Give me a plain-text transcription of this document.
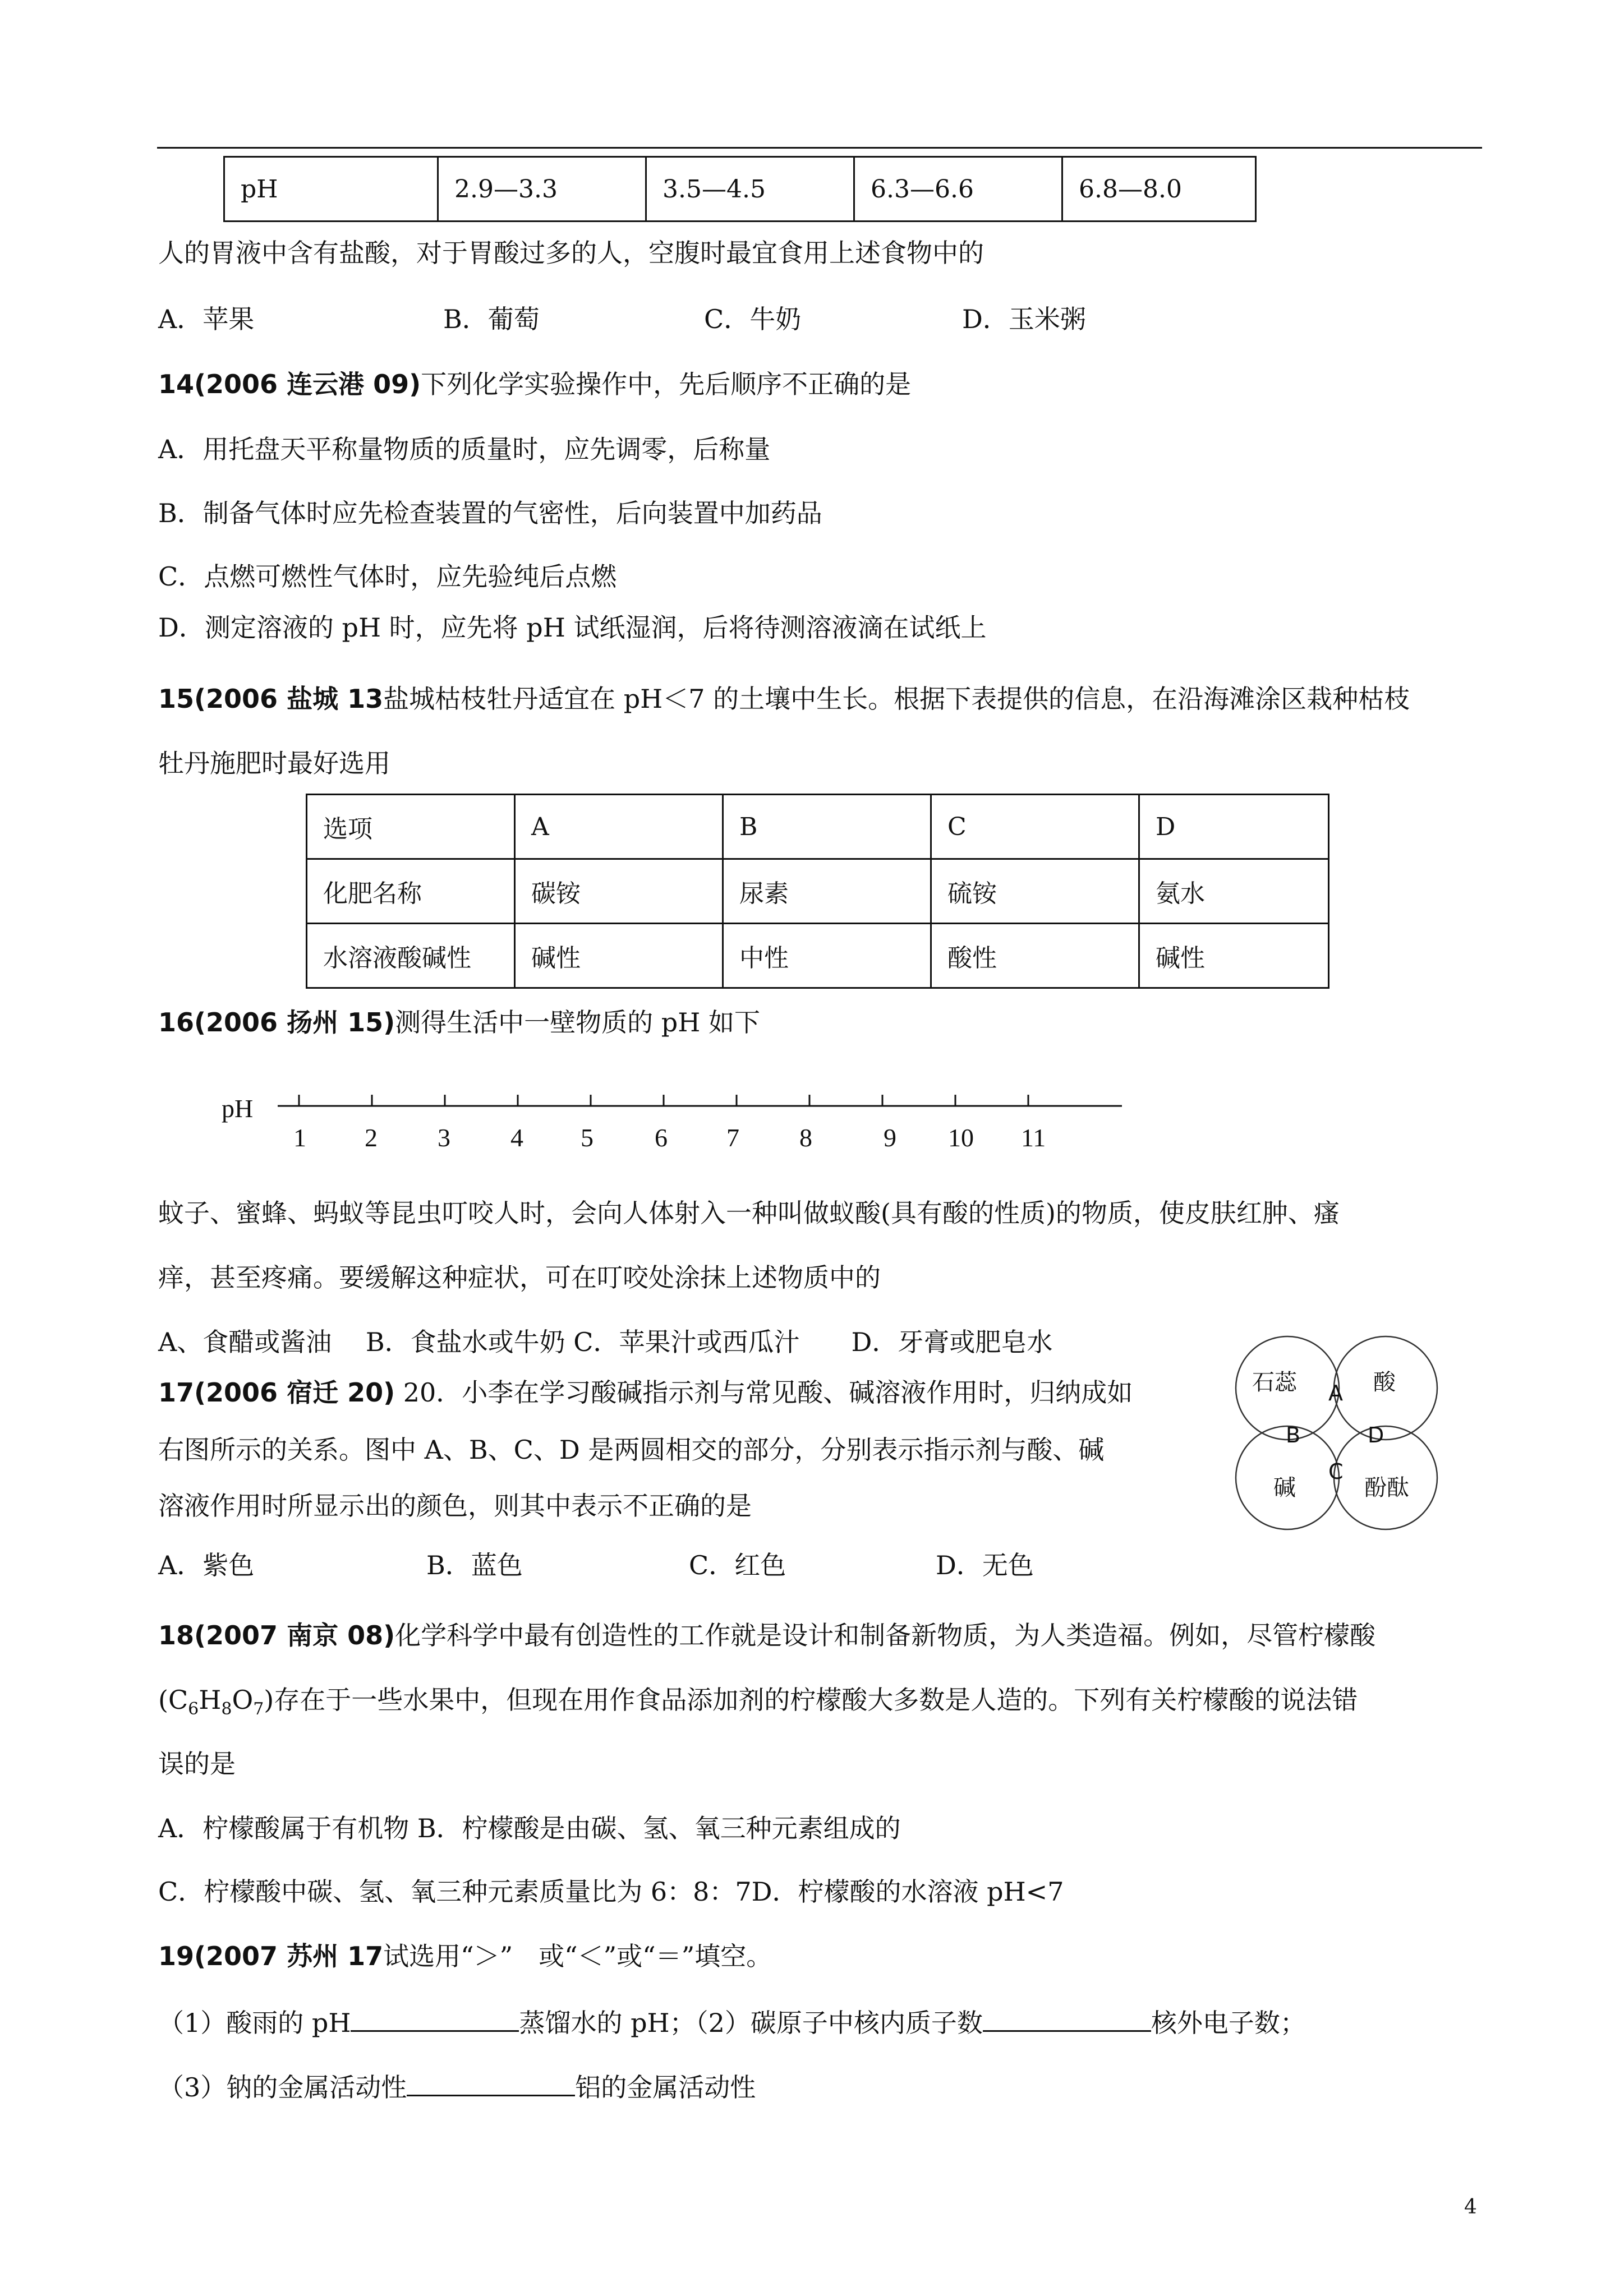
pH	2.9—3.3	3.5—4.5	6.3—6.6	6.8—8.0
人的胃液中含有盐酸，对于胃酸过多的人，空腹时最宜食用上述食物中的
A．苹果	B．葡萄	C．牛奶	D．玉米粥
14(2006 连云港 09)下列化学实验操作中，先后顺序不正确的是
A．用托盘天平称量物质的质量时，应先调零，后称量
B．制备气体时应先检查装置的气密性，后向装置中加药品
C．点燃可燃性气体时，应先验纯后点燃
D．测定溶液的 pH 时，应先将 pH 试纸湿润，后将待测溶液滴在试纸上
15(2006 盐城 13盐城枯枝牡丹适宜在 pH＜7 的土壤中生长。根据下表提供的信息，在沿海滩涂区栽种枯枝
牡丹施肥时最好选用
选项	A	B	C	D
化肥名称	碳铵	尿素	硫铵	氨水
水溶液酸碱性	碱性	中性	酸性	碱性
16(2006 扬州 15)测得生活中一壁物质的 pH 如下
pH
1 2 3 4 5 6 7 8	9 10 11
蚊子、蜜蜂、蚂蚁等昆虫叮咬人时，会向人体射入一种叫做蚁酸(具有酸的性质)的物质，使皮肤红肿、瘙
痒，甚至疼痛。要缓解这种症状，可在叮咬处涂抹上述物质中的
A、食醋或酱油　 B．食盐水或牛奶 C．苹果汁或西瓜汁　　D．牙膏或肥皂水
17(2006 宿迁 20) 20．小李在学习酸碱指示剂与常见酸、碱溶液作用时，归纳成如
右图所示的关系。图中 A、B、C、D 是两圆相交的部分，分别表示指示剂与酸、碱
溶液作用时所显示出的颜色，则其中表示不正确的是
A．紫色	B．蓝色	C．红色	D．无色
石蕊	酸
碱	酚酞
A
B
C
D
18(2007 南京 08)化学科学中最有创造性的工作就是设计和制备新物质，为人类造福。例如，尽管柠檬酸
$(C_6H_8O_7)$存在于一些水果中，但现在用作食品添加剂的柠檬酸大多数是人造的。下列有关柠檬酸的说法错
误的是
A．柠檬酸属于有机物 B．柠檬酸是由碳、氢、氧三种元素组成的
C．柠檬酸中碳、氢、氧三种元素质量比为 6：8：7D．柠檬酸的水溶液 pH<7
19(2007 苏州 17试选用“＞”　或“＜”或“＝”填空。
（1）酸雨的 pH	蒸馏水的 pH；（2）碳原子中核内质子数	核外电子数；
（3）钠的金属活动性	铝的金属活动性
4
